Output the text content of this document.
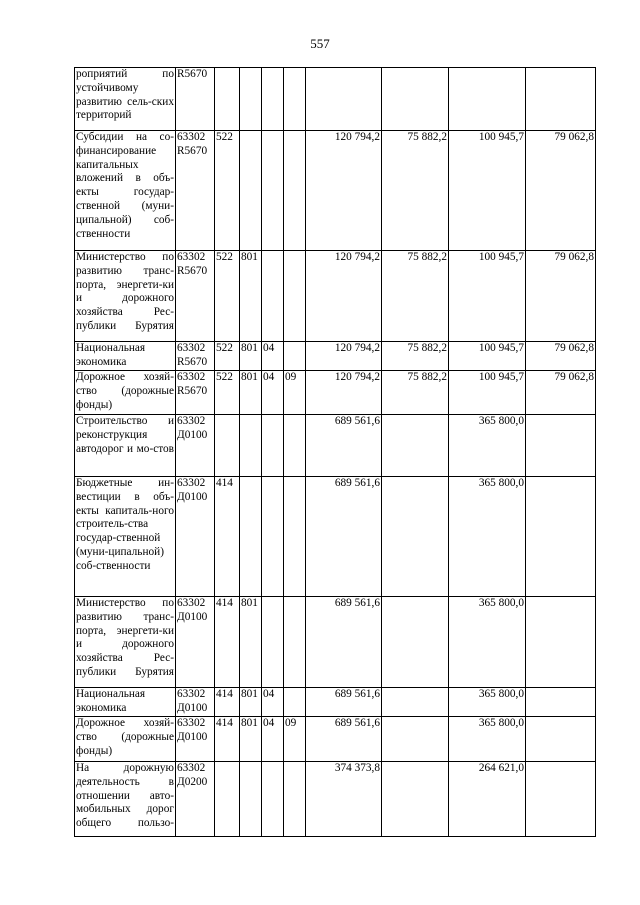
557
роприятий по устойчивому развитию сель-ских территорий	R5670								
Субсидии на со-финансирование капитальных вложений в объ-екты государ-ственной (муни-ципальной) соб-ственности	63302 R5670	522				120 794,2	75 882,2	100 945,7	79 062,8
Министерство по развитию транс-порта, энергети-ки и дорожного хозяйства Рес-публики Бурятия	63302 R5670	522	801			120 794,2	75 882,2	100 945,7	79 062,8
Национальная экономика	63302 R5670	522	801	04		120 794,2	75 882,2	100 945,7	79 062,8
Дорожное хозяй-ство (дорожные фонды)	63302 R5670	522	801	04	09	120 794,2	75 882,2	100 945,7	79 062,8
Строительство и реконструкция автодорог и мо-стов	63302 Д0100					689 561,6		365 800,0	
Бюджетные ин-вестиции в объ-екты капиталь-ного строитель-ства государ-ственной (муни-ципальной) соб-ственности	63302 Д0100	414				689 561,6		365 800,0	
Министерство по развитию транс-порта, энергети-ки и дорожного хозяйства Рес-публики Бурятия	63302 Д0100	414	801			689 561,6		365 800,0	
Национальная экономика	63302 Д0100	414	801	04		689 561,6		365 800,0	
Дорожное хозяй-ство (дорожные фонды)	63302 Д0100	414	801	04	09	689 561,6		365 800,0	
На дорожную деятельность в отношении авто-мобильных дорог общего пользо-	63302 Д0200					374 373,8		264 621,0	
